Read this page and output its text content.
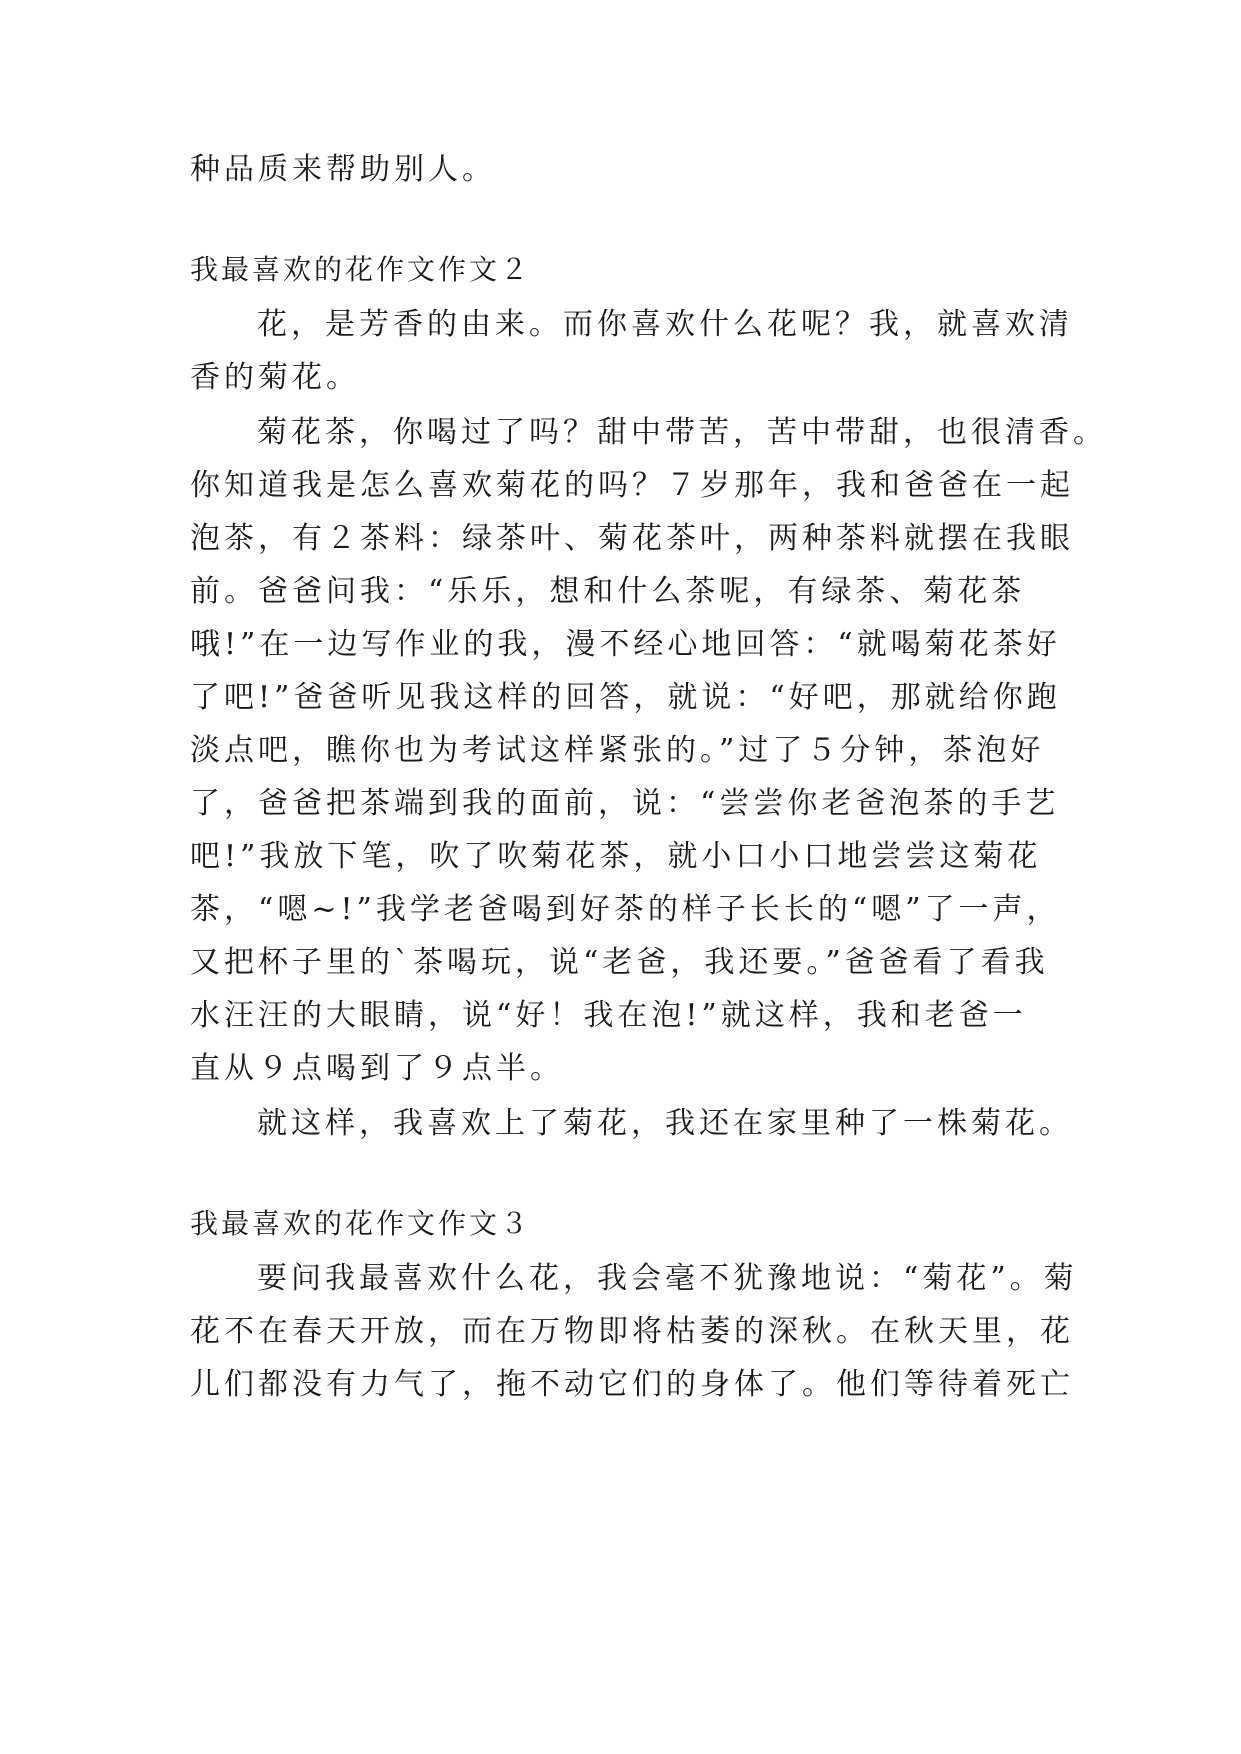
种品质来帮助别人。
我最喜欢的花作文作文２
花，是芳香的由来。而你喜欢什么花呢？我，就喜欢清
香的菊花。
菊花茶，你喝过了吗？甜中带苦，苦中带甜，也很清香。
你知道我是怎么喜欢菊花的吗？７岁那年，我和爸爸在一起
泡茶，有２茶料：绿茶叶、菊花茶叶，两种茶料就摆在我眼
前。爸爸问我：“乐乐，想和什么茶呢，有绿茶、菊花茶
哦!”在一边写作业的我，漫不经心地回答：“就喝菊花茶好
了吧!”爸爸听见我这样的回答，就说：“好吧，那就给你跑
淡点吧，瞧你也为考试这样紧张的。”过了５分钟，茶泡好
了，爸爸把茶端到我的面前，说：“尝尝你老爸泡茶的手艺
吧!”我放下笔，吹了吹菊花茶，就小口小口地尝尝这菊花
茶，“嗯~!”我学老爸喝到好茶的样子长长的“嗯”了一声，
又把杯子里的`茶喝玩，说“老爸，我还要。”爸爸看了看我
水汪汪的大眼睛，说“好！我在泡!”就这样，我和老爸一
直从９点喝到了９点半。
就这样，我喜欢上了菊花，我还在家里种了一株菊花。
我最喜欢的花作文作文３
要问我最喜欢什么花，我会毫不犹豫地说：“菊花”。菊
花不在春天开放，而在万物即将枯萎的深秋。在秋天里，花
儿们都没有力气了，拖不动它们的身体了。他们等待着死亡
